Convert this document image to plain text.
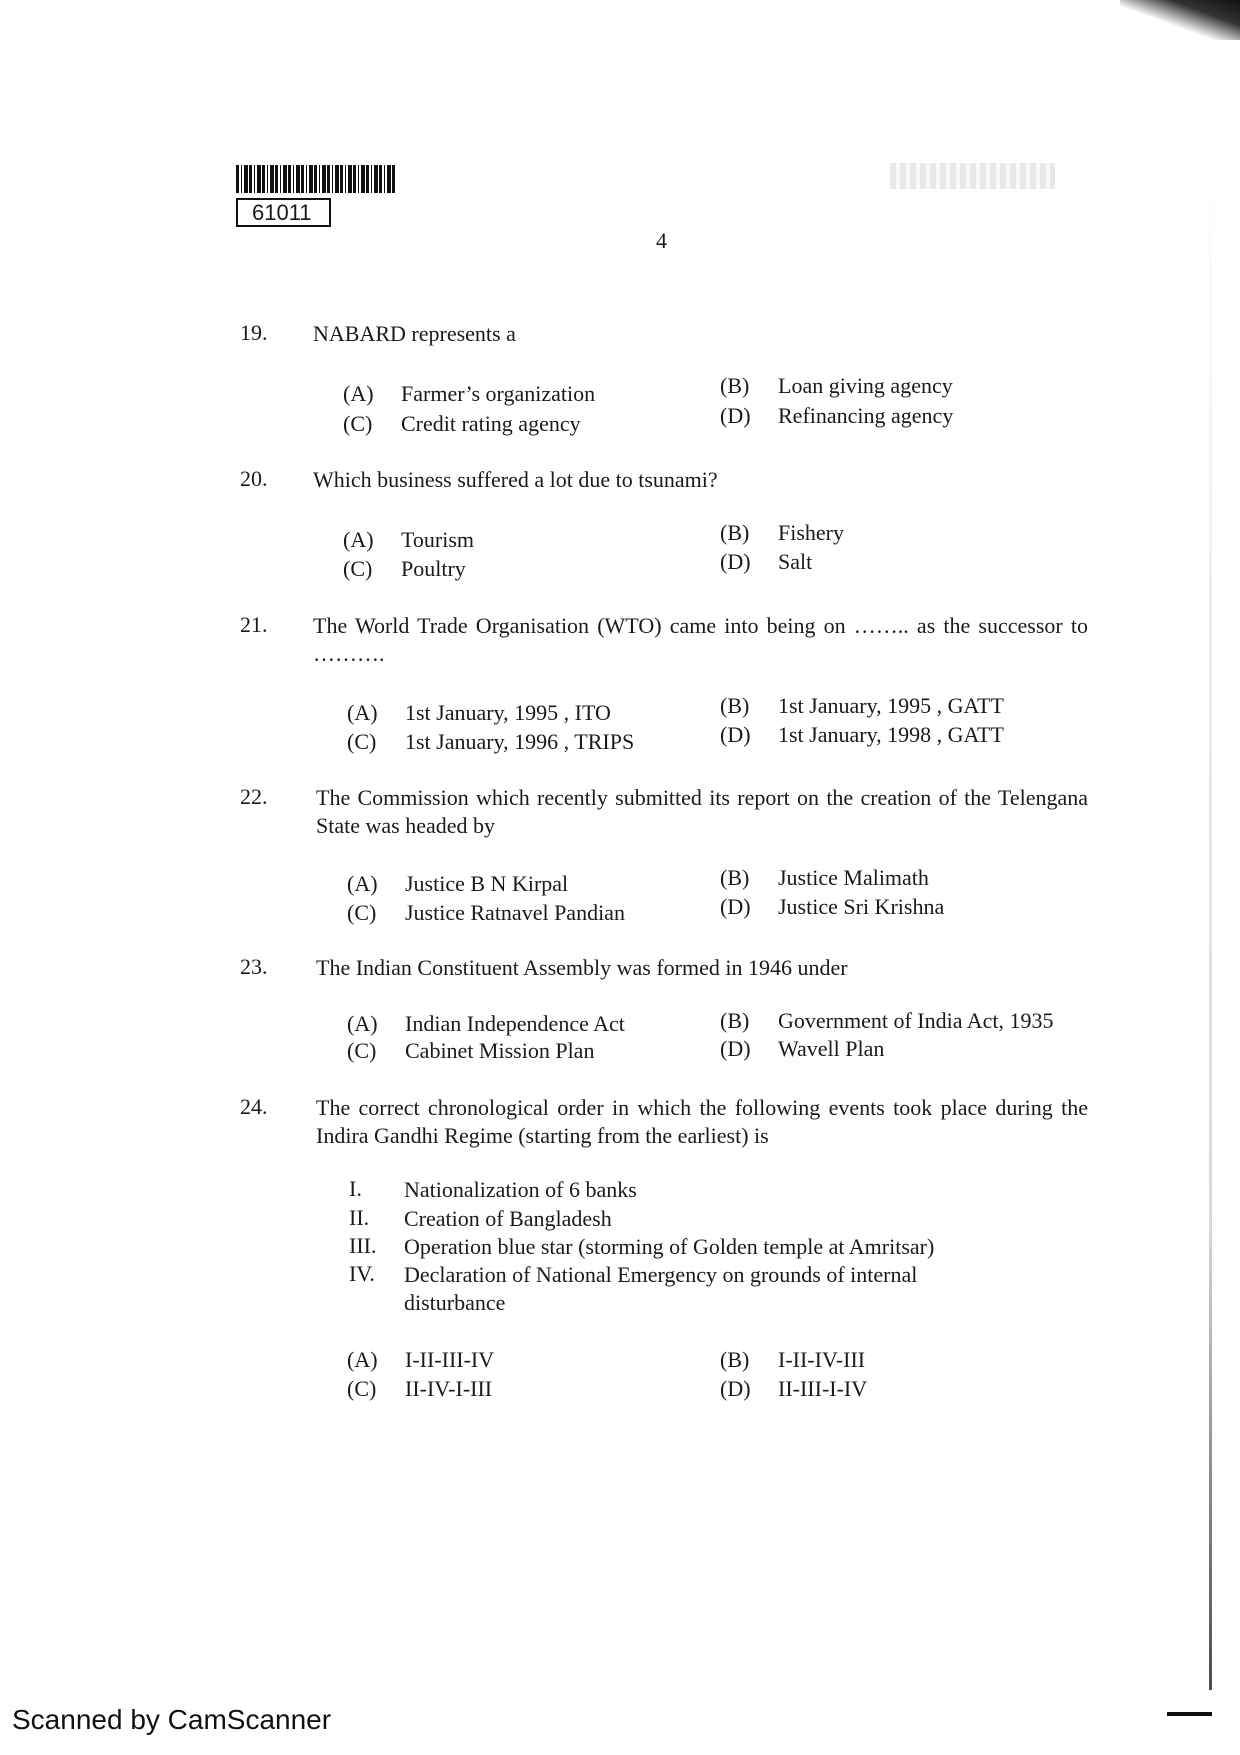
61011
4
19. NABARD represents a
(A) Farmer’s organization	(B) Loan giving agency
(C) Credit rating agency	(D) Refinancing agency
20. Which business suffered a lot due to tsunami?
(A) Tourism	(B) Fishery
(C) Poultry	(D) Salt
21. The World Trade Organisation (WTO) came into being on …….. as the successor to ……….
(A) 1st January, 1995 , ITO	(B) 1st January, 1995 , GATT
(C) 1st January, 1996 , TRIPS	(D) 1st January, 1998 , GATT
22. The Commission which recently submitted its report on the creation of the Telengana State was headed by
(A) Justice B N Kirpal	(B) Justice Malimath
(C) Justice Ratnavel Pandian	(D) Justice Sri Krishna
23. The Indian Constituent Assembly was formed in 1946 under
(A) Indian Independence Act	(B) Government of India Act, 1935
(C) Cabinet Mission Plan	(D) Wavell Plan
24. The correct chronological order in which the following events took place during the Indira Gandhi Regime (starting from the earliest) is
I. Nationalization of 6 banks
II. Creation of Bangladesh
III. Operation blue star (storming of Golden temple at Amritsar)
IV. Declaration of National Emergency on grounds of internal disturbance
(A) I-II-III-IV	(B) I-II-IV-III
(C) II-IV-I-III	(D) II-III-I-IV
Scanned by CamScanner
